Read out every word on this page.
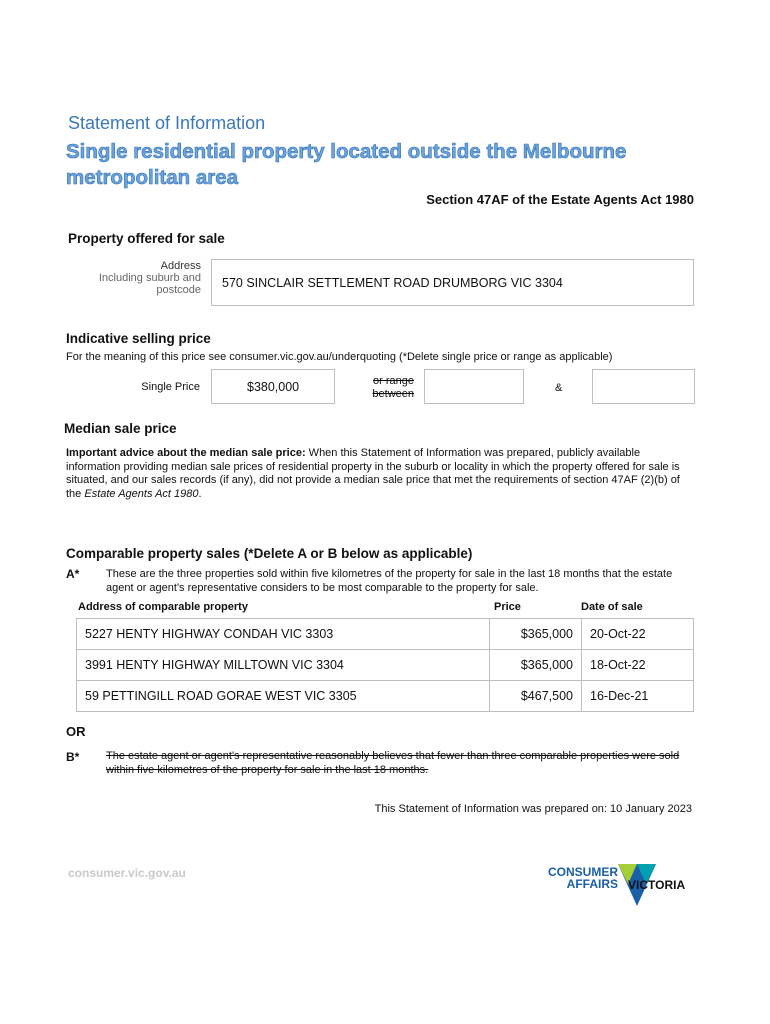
Statement of Information
Single residential property located outside the Melbourne metropolitan area
Section 47AF of the Estate Agents Act 1980
Property offered for sale
Address
Including suburb and
postcode 570 SINCLAIR SETTLEMENT ROAD DRUMBORG VIC 3304
Indicative selling price
For the meaning of this price see consumer.vic.gov.au/underquoting (*Delete single price or range as applicable)
Single Price	$380,000	or range
between	&
Median sale price
Important advice about the median sale price: When this Statement of Information was prepared, publicly available information providing median sale prices of residential property in the suburb or locality in which the property offered for sale is situated, and our sales records (if any), did not provide a median sale price that met the requirements of section 47AF (2)(b) of the Estate Agents Act 1980.
Comparable property sales (*Delete A or B below as applicable)
A* These are the three properties sold within five kilometres of the property for sale in the last 18 months that the estate agent or agent's representative considers to be most comparable to the property for sale.
Address of comparable property	Price	Date of sale
5227 HENTY HIGHWAY CONDAH VIC 3303	$365,000	20-Oct-22
3991 HENTY HIGHWAY MILLTOWN VIC 3304	$365,000	18-Oct-22
59 PETTINGILL ROAD GORAE WEST VIC 3305	$467,500	16-Dec-21
OR
B* The estate agent or agent's representative reasonably believes that fewer than three comparable properties were sold within five kilometres of the property for sale in the last 18 months.
This Statement of Information was prepared on: 10 January 2023
consumer.vic.gov.au	CONSUMER
AFFAIRS VICTORIA
